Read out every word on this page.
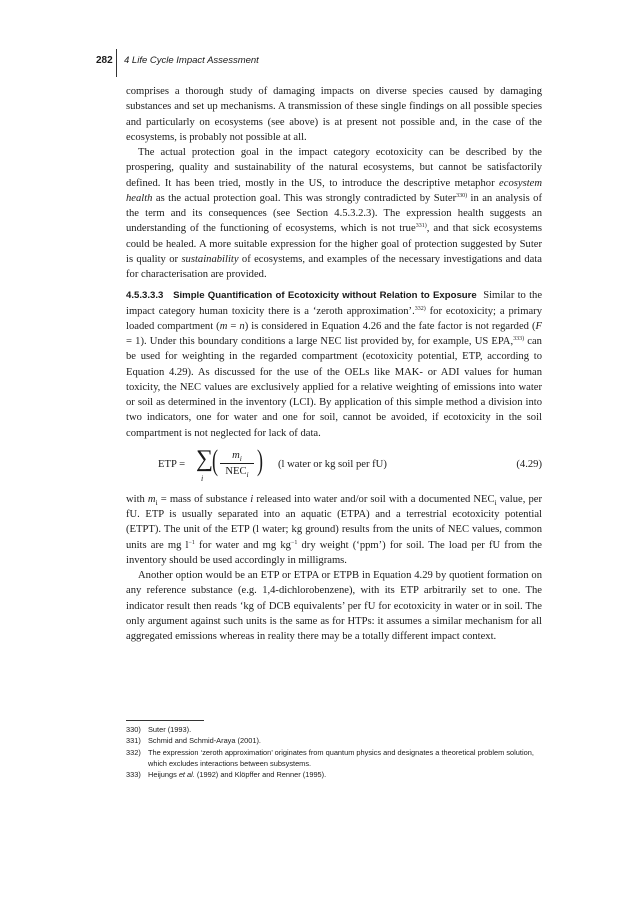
282 4 Life Cycle Impact Assessment

comprises a thorough study of damaging impacts on diverse species caused by damaging substances and set up mechanisms. A transmission of these single findings on all possible species and particularly on ecosystems (see above) is at present not possible and, in the case of the ecosystems, is probably not possible at all.

The actual protection goal in the impact category ecotoxicity can be described by the prospering, quality and sustainability of the natural ecosystems, but cannot be satisfactorily defined. It has been tried, mostly in the US, to introduce the descriptive metaphor ecosystem health as the actual protection goal. This was strongly contradicted by Suter$^{330)}$ in an analysis of the term and its consequences (see Section 4.5.3.2.3). The expression health suggests an understanding of the functioning of ecosystems, which is not true$^{331)}$, and that sick ecosystems could be healed. A more suitable expression for the higher goal of protection suggested by Suter is quality or sustainability of ecosystems, and examples of the necessary investigations and data for characterisation are provided.

4.5.3.3.3 Simple Quantification of Ecotoxicity without Relation to Exposure Similar to the impact category human toxicity there is a ‘zeroth approximation’.$^{332)}$ for ecotoxicity; a primary loaded compartment (m = n) is considered in Equation 4.26 and the fate factor is not regarded (F = 1). Under this boundary conditions a large NEC list provided by, for example, US EPA,$^{333)}$ can be used for weighting in the regarded compartment (ecotoxicity potential, ETP, according to Equation 4.29). As discussed for the use of the OELs like MAK- or ADI values for human toxicity, the NEC values are exclusively applied for a relative weighting of emissions into water or soil as determined in the inventory (LCI). By application of this simple method a division into two indicators, one for water and one for soil, cannot be avoided, if ecotoxicity in the soil compartment is not neglected for lack of data.

ETP = ∑
i
(	$m_i$
$NEC_i$ ) (l water or kg soil per fU)	(4.29)

with $m_i$ = mass of substance i released into water and/or soil with a documented $NEC_i$ value, per fU. ETP is usually separated into an aquatic (ETPA) and a terrestrial ecotoxicity potential (ETPT). The unit of the ETP (l water; kg ground) results from the units of NEC values, common units are mg $l^{-1}$ for water and mg $kg^{-1}$ dry weight (‘ppm’) for soil. The load per fU from the inventory should be used accordingly in milligrams.

Another option would be an ETP or ETPA or ETPB in Equation 4.29 by quotient formation on any reference substance (e.g. 1,4-dichlorobenzene), with its ETP arbitrarily set to one. The indicator result then reads ‘kg of DCB equivalents’ per fU for ecotoxicity in water or in soil. The only argument against such units is the same as for HTPs: it assumes a similar mechanism for all aggregated emissions whereas in reality there may be a totally different impact context.

330) Suter (1993).
331) Schmid and Schmid-Araya (2001).
332) The expression ‘zeroth approximation’ originates from quantum physics and designates a theoretical problem solution, which excludes interactions between subsystems.
333) Heijungs et al. (1992) and Klöpffer and Renner (1995).
